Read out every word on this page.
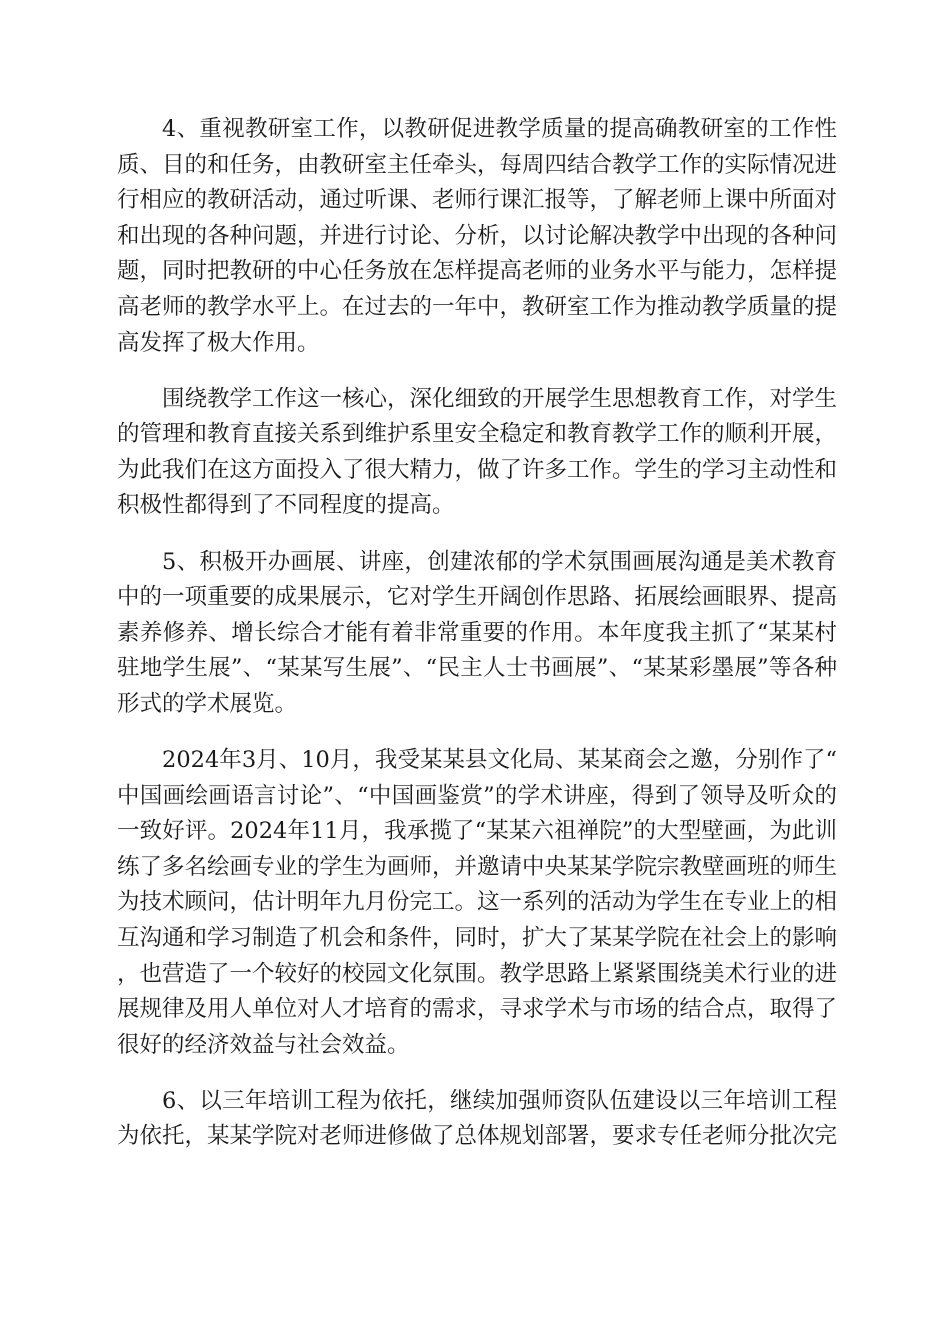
4、重视教研室工作，以教研促进教学质量的提高确教研室的工作性质、目的和任务，由教研室主任牵头，每周四结合教学工作的实际情况进行相应的教研活动，通过听课、老师行课汇报等，了解老师上课中所面对和出现的各种问题，并进行讨论、分析，以讨论解决教学中出现的各种问题，同时把教研的中心任务放在怎样提高老师的业务水平与能力，怎样提高老师的教学水平上。在过去的一年中，教研室工作为推动教学质量的提高发挥了极大作用。

围绕教学工作这一核心，深化细致的开展学生思想教育工作，对学生的管理和教育直接关系到维护系里安全稳定和教育教学工作的顺利开展，为此我们在这方面投入了很大精力，做了许多工作。学生的学习主动性和积极性都得到了不同程度的提高。

5、积极开办画展、讲座，创建浓郁的学术氛围画展沟通是美术教育中的一项重要的成果展示，它对学生开阔创作思路、拓展绘画眼界、提高素养修养、增长综合才能有着非常重要的作用。本年度我主抓了“某某村驻地学生展”、“某某写生展”、“民主人士书画展”、“某某彩墨展”等各种形式的学术展览。

2024年3月、10月，我受某某县文化局、某某商会之邀，分别作了“中国画绘画语言讨论”、“中国画鉴赏”的学术讲座，得到了领导及听众的一致好评。2024年11月，我承揽了“某某六祖禅院”的大型壁画，为此训练了多名绘画专业的学生为画师，并邀请中央某某学院宗教壁画班的师生为技术顾问，估计明年九月份完工。这一系列的活动为学生在专业上的相互沟通和学习制造了机会和条件，同时，扩大了某某学院在社会上的影响，也营造了一个较好的校园文化氛围。教学思路上紧紧围绕美术行业的进展规律及用人单位对人才培育的需求，寻求学术与市场的结合点，取得了很好的经济效益与社会效益。

6、以三年培训工程为依托，继续加强师资队伍建设以三年培训工程为依托，某某学院对老师进修做了总体规划部署，要求专任老师分批次完
